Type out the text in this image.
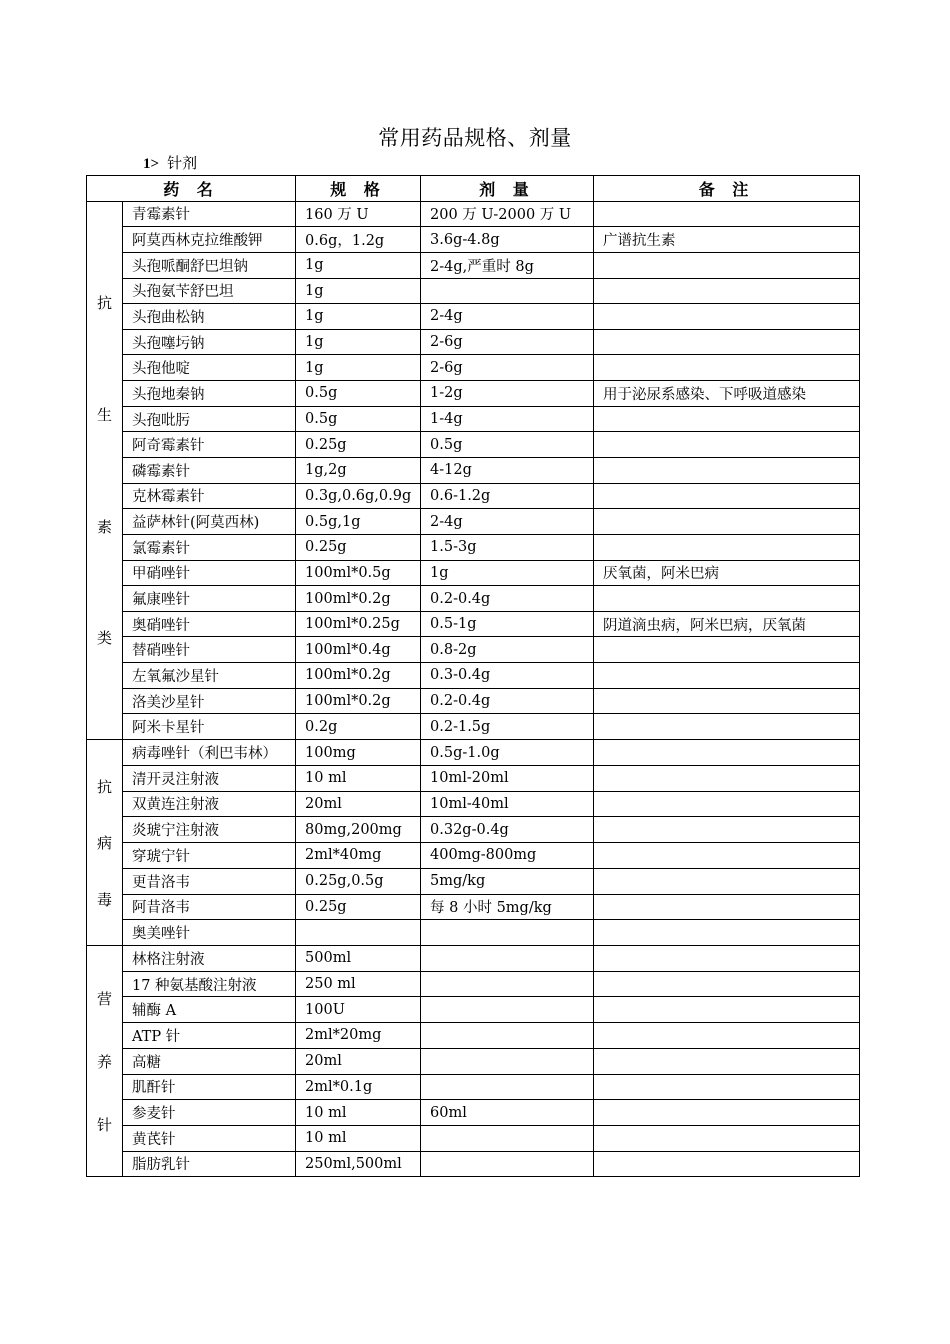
常用药品规格、剂量
1> 针剂
药 名		规 格	剂 量	备 注

抗
生
素
类	青霉素针	160 万 U	200 万 U-2000 万 U	
	阿莫西林克拉维酸钾	0.6g，1.2g	3.6g-4.8g	广谱抗生素
	头孢哌酮舒巴坦钠	1g	2-4g,严重时 8g	
	头孢氨苄舒巴坦	1g		
	头孢曲松钠	1g	2-4g	
	头孢噻圬钠	1g	2-6g	
	头孢他啶	1g	2-6g	
	头孢地秦钠	0.5g	1-2g	用于泌尿系感染、下呼吸道感染
	头孢吡肟	0.5g	1-4g	
	阿奇霉素针	0.25g	0.5g	
	磷霉素针	1g,2g	4-12g	
	克林霉素针	0.3g,0.6g,0.9g	0.6-1.2g	
	益萨林针(阿莫西林)	0.5g,1g	2-4g	
	氯霉素针	0.25g	1.5-3g	
	甲硝唑针	100ml*0.5g	1g	厌氧菌，阿米巴病
	氟康唑针	100ml*0.2g	0.2-0.4g	
	奥硝唑针	100ml*0.25g	0.5-1g	阴道滴虫病，阿米巴病，厌氧菌
	替硝唑针	100ml*0.4g	0.8-2g	
	左氧氟沙星针	100ml*0.2g	0.3-0.4g	
	洛美沙星针	100ml*0.2g	0.2-0.4g	
	阿米卡星针	0.2g	0.2-1.5g	

抗
病
毒	病毒唑针（利巴韦林）	100mg	0.5g-1.0g	
	清开灵注射液	10 ml	10ml-20ml	
	双黄连注射液	20ml	10ml-40ml	
	炎琥宁注射液	80mg,200mg	0.32g-0.4g	
	穿琥宁针	2ml*40mg	400mg-800mg	
	更昔洛韦	0.25g,0.5g	5mg/kg	
	阿昔洛韦	0.25g	每 8 小时 5mg/kg	
	奥美唑针			

营
养
针	林格注射液	500ml		
	17 种氨基酸注射液	250 ml		
	辅酶 A	100U		
	ATP 针	2ml*20mg		
	高糖	20ml		
	肌酐针	2ml*0.1g		
	参麦针	10 ml	60ml	
	黄芪针	10 ml		
	脂肪乳针	250ml,500ml		
